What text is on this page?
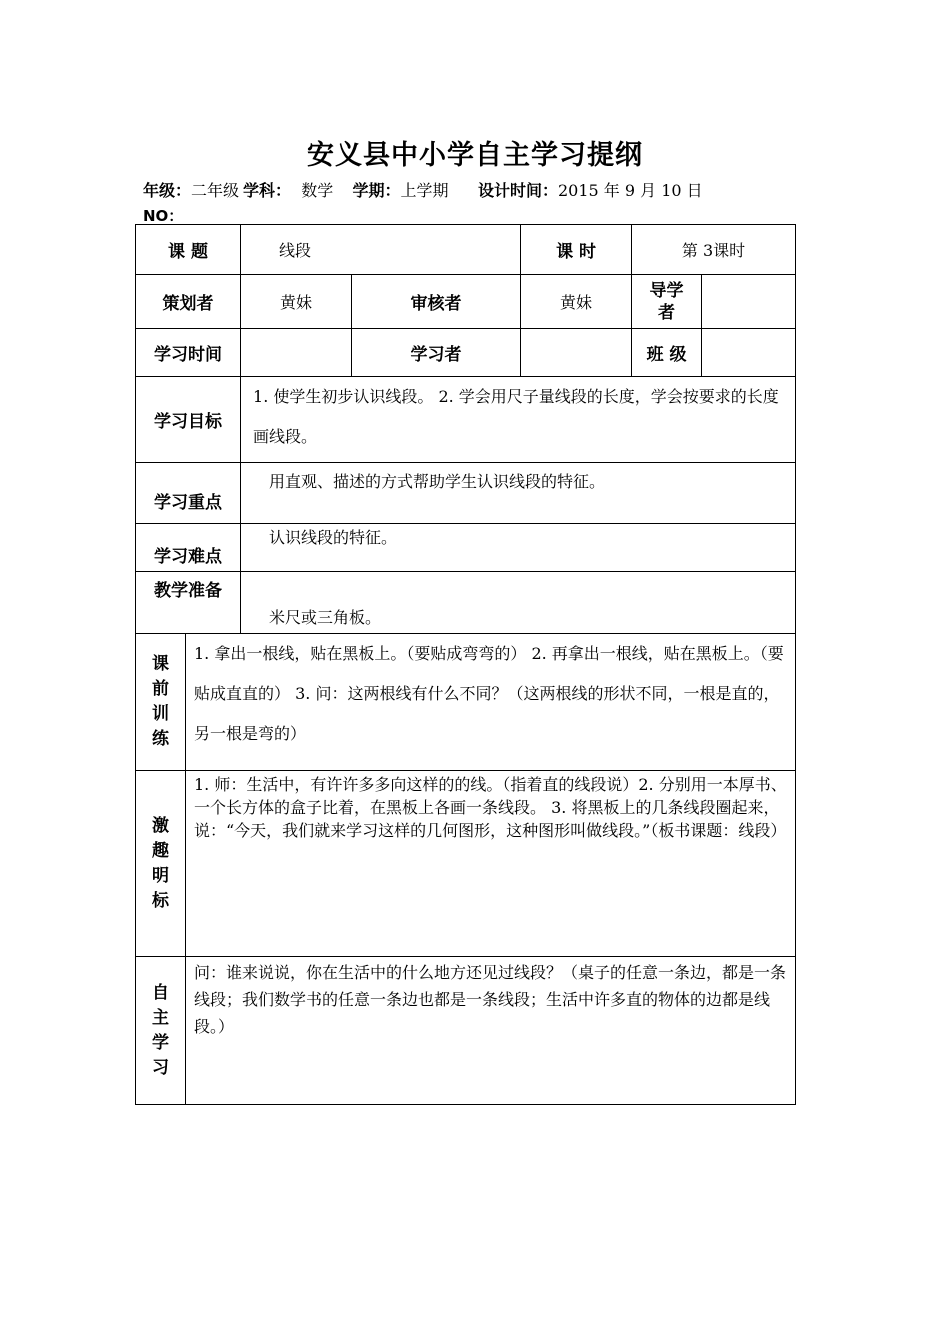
安义县中小学自主学习提纲
年级：二年级 学科： 数学 学期：上学期 设计时间：2015 年 9 月 10 日
NO：
课 题		线段		课 时	第 3课时	
策划者		黄妹	审核者	黄妹	导学者	
学习时间			学习者		班 级	
学习目标		1. 使学生初步认识线段。 2. 学会用尺子量线段的长度，学会按要求的长度画线段。				
学习重点		用直观、描述的方式帮助学生认识线段的特征。				
学习难点		认识线段的特征。				
教学准备		米尺或三角板。				

课
前
训
练	1. 拿出一根线，贴在黑板上。（要贴成弯弯的） 2. 再拿出一根线，贴在黑板上。（要贴成直直的） 3. 问：这两根线有什么不同？（这两根线的形状不同，一根是直的，另一根是弯的）					

激
趣
明
标	1. 师：生活中，有许许多多向这样的的线。（指着直的线段说）2. 分别用一本厚书、一个长方体的盒子比着，在黑板上各画一条线段。 3. 将黑板上的几条线段圈起来，说：“今天，我们就来学习这样的几何图形，这种图形叫做线段。”（板书课题：线段）					

自
主
学
习	问：谁来说说，你在生活中的什么地方还见过线段？（桌子的任意一条边，都是一条线段；我们数学书的任意一条边也都是一条线段；生活中许多直的物体的边都是线段。）					
